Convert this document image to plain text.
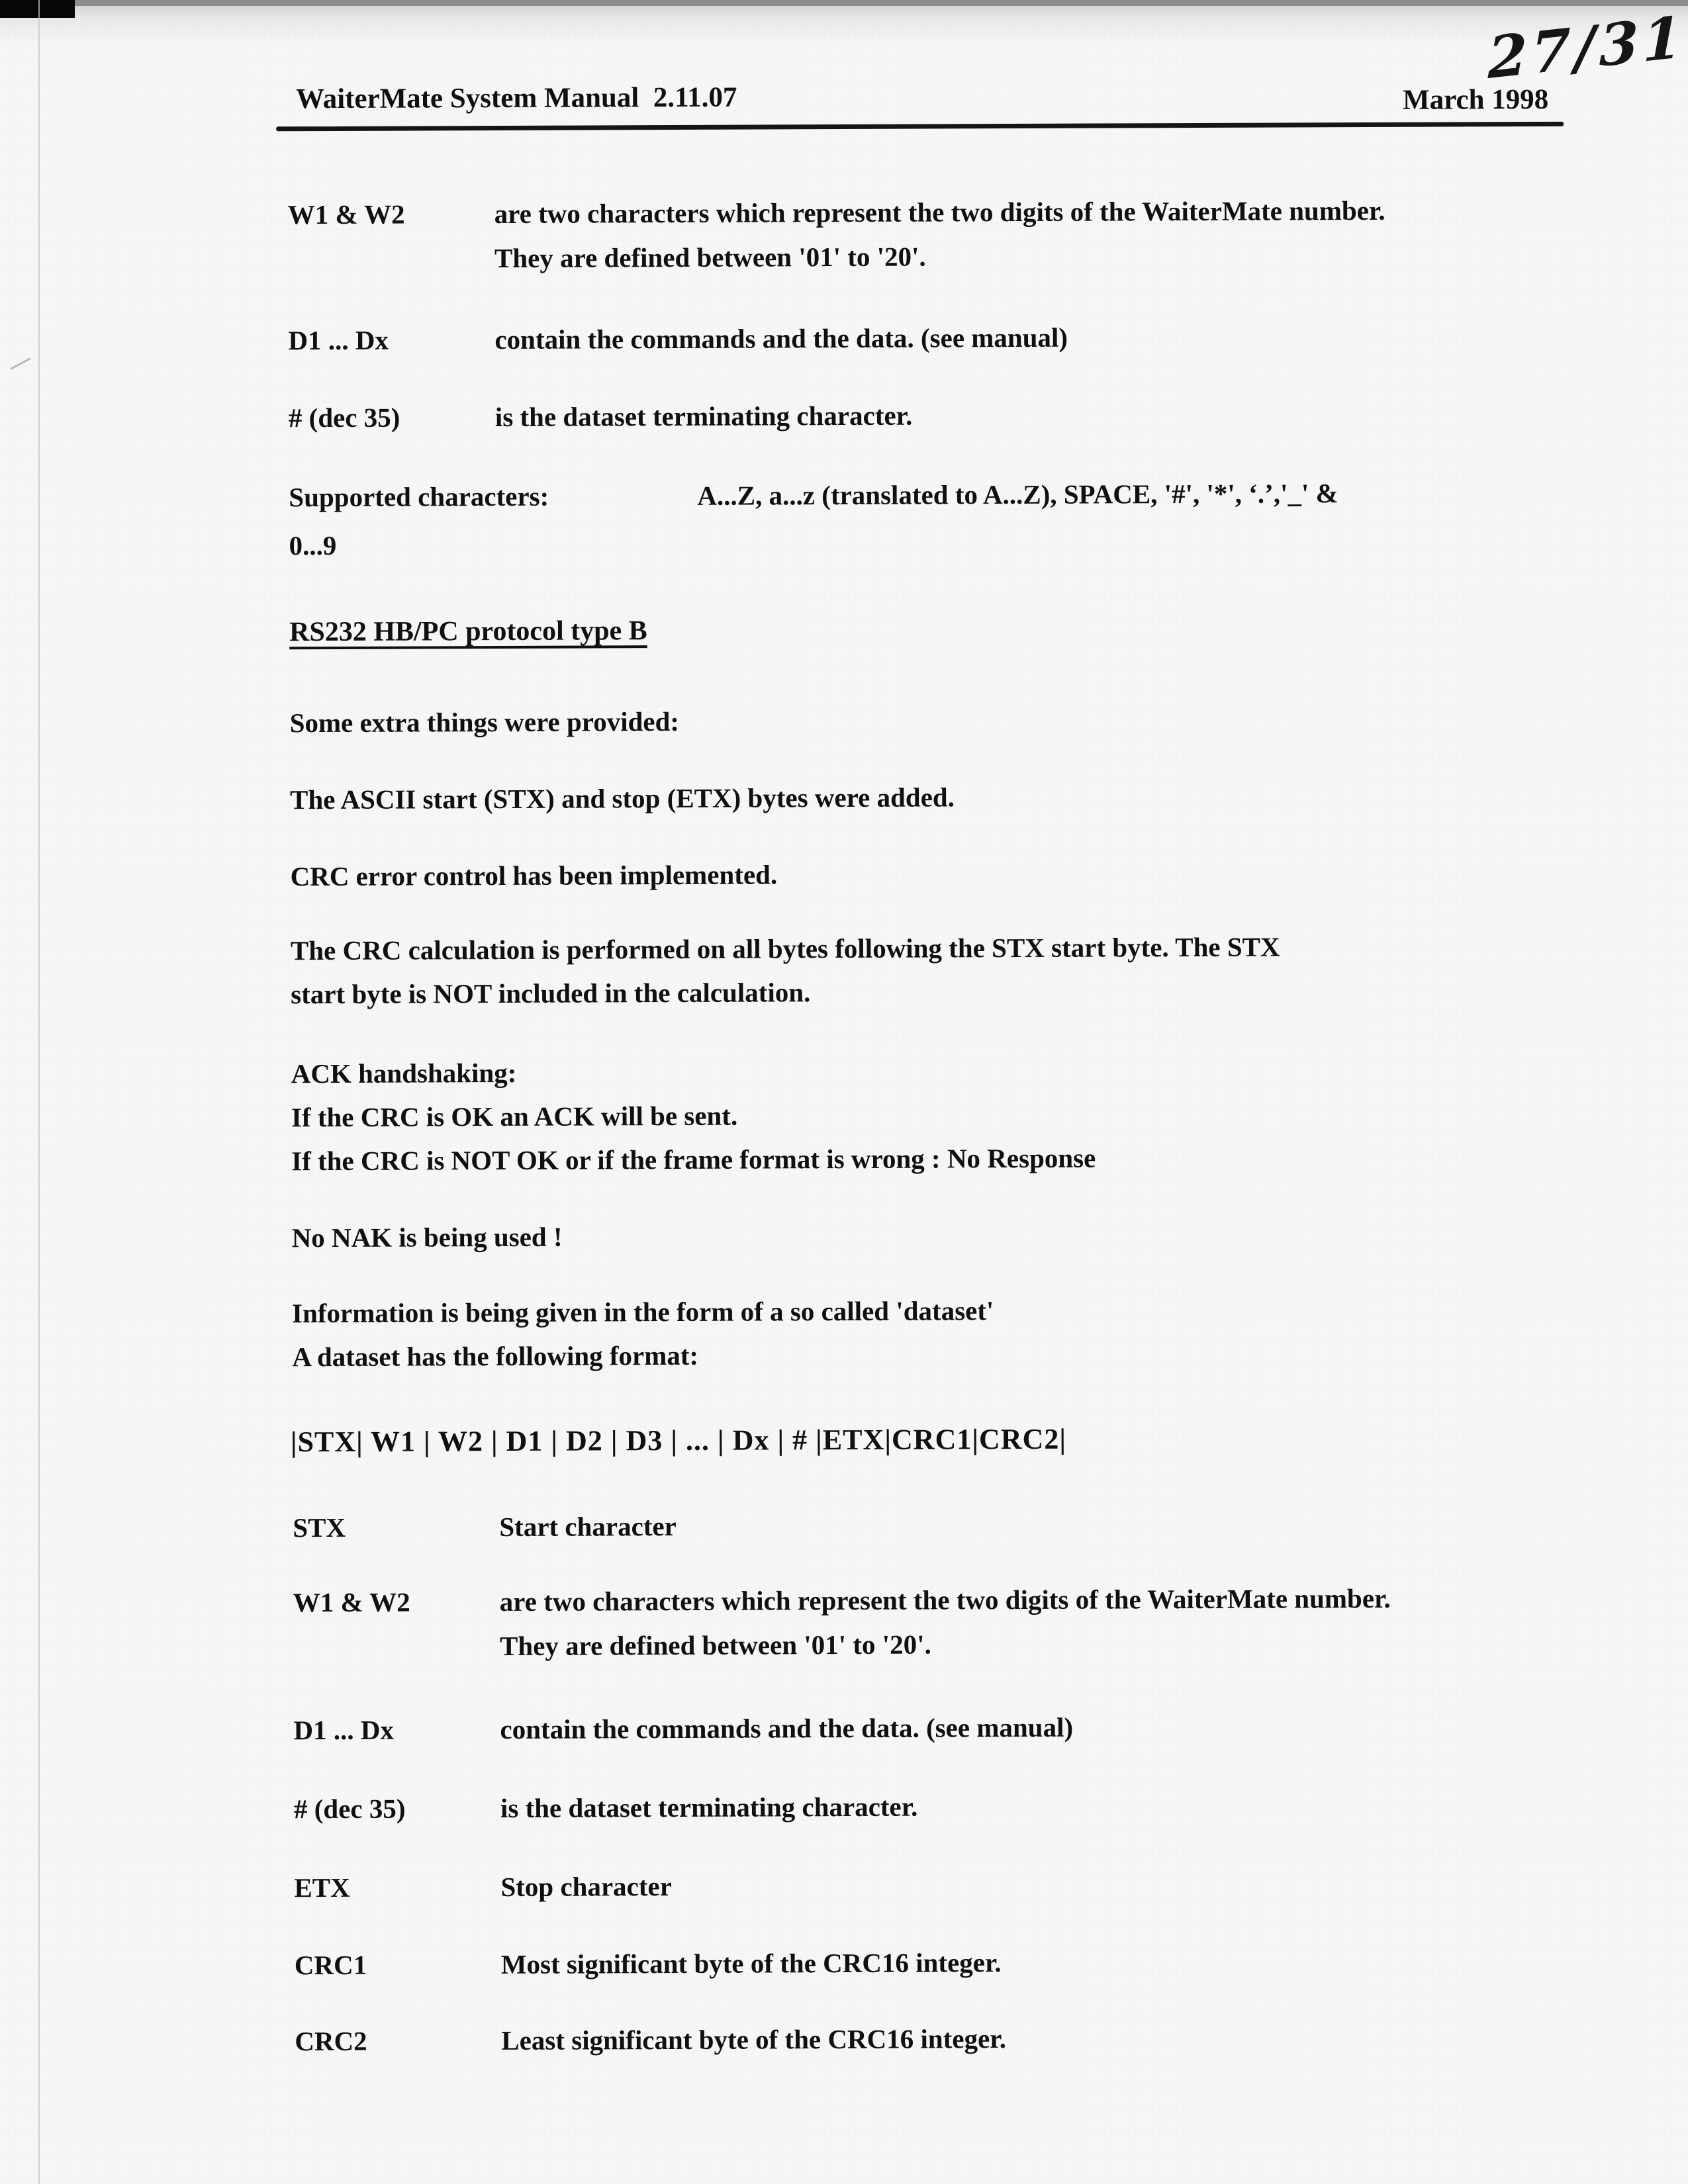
27/31
WaiterMate System Manual  2.11.07	March 1998
W1 & W2	are two characters which represent the two digits of the WaiterMate number. They are defined between '01' to '20'.
D1 ... Dx	contain the commands and the data. (see manual)
# (dec 35)	is the dataset terminating character.
Supported characters:	A...Z, a...z (translated to A...Z), SPACE, '#', '*', ‘.’,'_' &
0...9
RS232 HB/PC protocol type B
Some extra things were provided:
The ASCII start (STX) and stop (ETX) bytes were added.
CRC error control has been implemented.
The CRC calculation is performed on all bytes following the STX start byte. The STX
start byte is NOT included in the calculation.
ACK handshaking:
If the CRC is OK an ACK will be sent.
If the CRC is NOT OK or if the frame format is wrong : No Response
No NAK is being used !
Information is being given in the form of a so called 'dataset'
A dataset has the following format:
|STX| W1 | W2 | D1 | D2 | D3 | ... | Dx | # |ETX|CRC1|CRC2|
STX	Start character
W1 & W2	are two characters which represent the two digits of the WaiterMate number. They are defined between '01' to '20'.
D1 ... Dx	contain the commands and the data. (see manual)
# (dec 35)	is the dataset terminating character.
ETX	Stop character
CRC1	Most significant byte of the CRC16 integer.
CRC2	Least significant byte of the CRC16 integer.
